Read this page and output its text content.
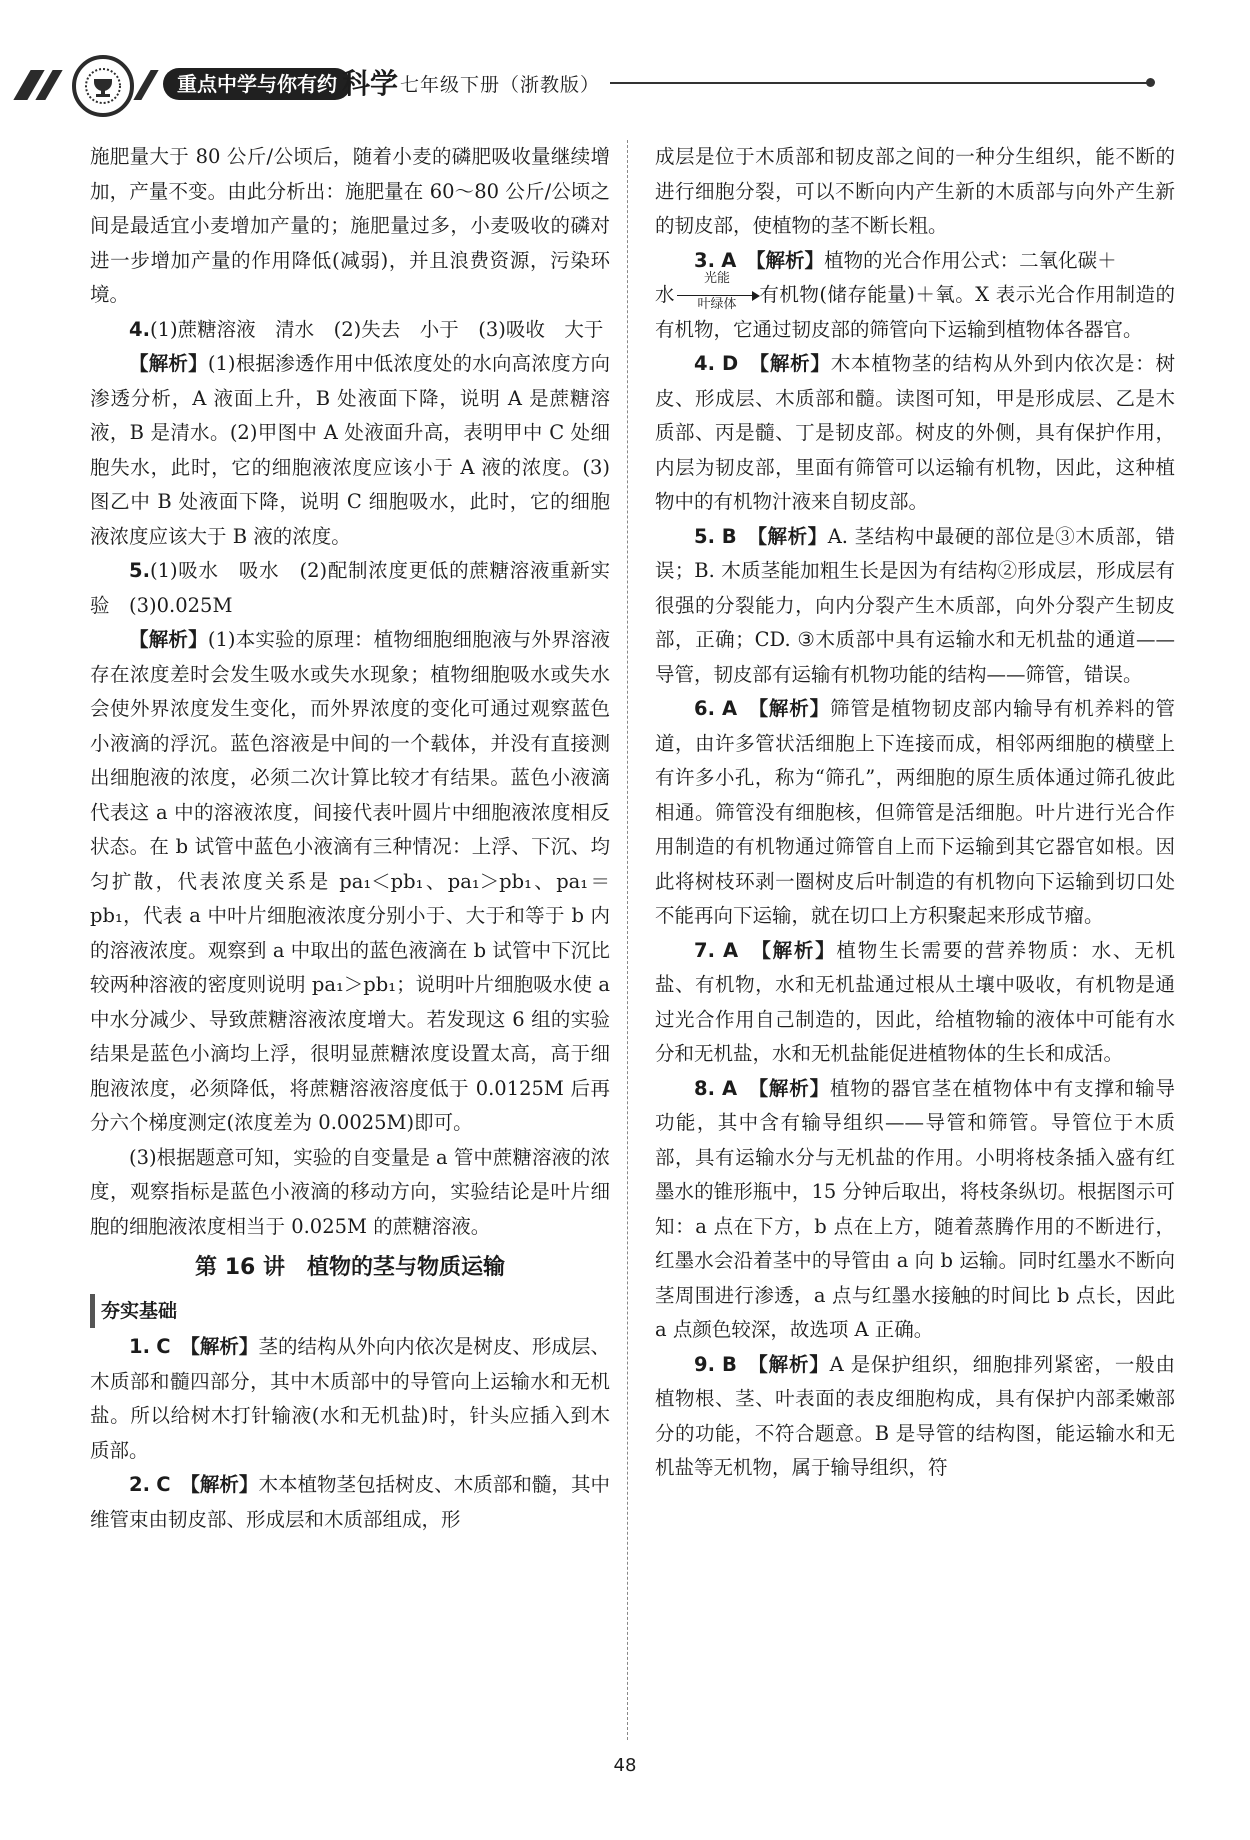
重点中学与你有约 科学 七年级下册（浙教版）

施肥量大于 80 公斤/公顷后，随着小麦的磷肥吸收量继续增加，产量不变。由此分析出：施肥量在 60～80 公斤/公顷之间是最适宜小麦增加产量的；施肥量过多，小麦吸收的磷对进一步增加产量的作用降低(减弱)，并且浪费资源，污染环境。

4.(1)蔗糖溶液　清水　(2)失去　小于　(3)吸收　大于

【解析】(1)根据渗透作用中低浓度处的水向高浓度方向渗透分析，A 液面上升，B 处液面下降，说明 A 是蔗糖溶液，B 是清水。(2)甲图中 A 处液面升高，表明甲中 C 处细胞失水，此时，它的细胞液浓度应该小于 A 液的浓度。(3)图乙中 B 处液面下降，说明 C 细胞吸水，此时，它的细胞液浓度应该大于 B 液的浓度。

5.(1)吸水　吸水　(2)配制浓度更低的蔗糖溶液重新实验　(3)0.025M

【解析】(1)本实验的原理：植物细胞细胞液与外界溶液存在浓度差时会发生吸水或失水现象；植物细胞吸水或失水会使外界浓度发生变化，而外界浓度的变化可通过观察蓝色小液滴的浮沉。蓝色溶液是中间的一个载体，并没有直接测出细胞液的浓度，必须二次计算比较才有结果。蓝色小液滴代表这 a 中的溶液浓度，间接代表叶圆片中细胞液浓度相反状态。在 b 试管中蓝色小液滴有三种情况：上浮、下沉、均匀扩散，代表浓度关系是 pa₁＜pb₁、pa₁＞pb₁、pa₁＝pb₁，代表 a 中叶片细胞液浓度分别小于、大于和等于 b 内的溶液浓度。观察到 a 中取出的蓝色液滴在 b 试管中下沉比较两种溶液的密度则说明 pa₁＞pb₁；说明叶片细胞吸水使 a 中水分减少、导致蔗糖溶液浓度增大。若发现这 6 组的实验结果是蓝色小滴均上浮，很明显蔗糖浓度设置太高，高于细胞液浓度，必须降低，将蔗糖溶液溶度低于 0.0125M 后再分六个梯度测定(浓度差为 0.0025M)即可。

(3)根据题意可知，实验的自变量是 a 管中蔗糖溶液的浓度，观察指标是蓝色小液滴的移动方向，实验结论是叶片细胞的细胞液浓度相当于 0.025M 的蔗糖溶液。

第 16 讲　植物的茎与物质运输
夯实基础

1. C　 【解析】茎的结构从外向内依次是树皮、形成层、木质部和髓四部分，其中木质部中的导管向上运输水和无机盐。所以给树木打针输液(水和无机盐)时，针头应插入到木质部。

2. C　 【解析】木本植物茎包括树皮、木质部和髓，其中维管束由韧皮部、形成层和木质部组成，形

成层是位于木质部和韧皮部之间的一种分生组织，能不断的进行细胞分裂，可以不断向内产生新的木质部与向外产生新的韧皮部，使植物的茎不断长粗。

3. A　 【解析】植物的光合作用公式：二氧化碳＋

水
光能
叶绿体	有机物(储存能量)＋氧。X 表示光合作用制造的有机物，它通过韧皮部的筛管向下运输到植物体各器官。

4. D　 【解析】木本植物茎的结构从外到内依次是：树皮、形成层、木质部和髓。读图可知，甲是形成层、乙是木质部、丙是髓、丁是韧皮部。树皮的外侧，具有保护作用，内层为韧皮部，里面有筛管可以运输有机物，因此，这种植物中的有机物汁液来自韧皮部。

5. B　 【解析】A. 茎结构中最硬的部位是③木质部，错误；B. 木质茎能加粗生长是因为有结构②形成层，形成层有很强的分裂能力，向内分裂产生木质部，向外分裂产生韧皮部，正确；CD. ③木质部中具有运输水和无机盐的通道——导管，韧皮部有运输有机物功能的结构——筛管，错误。

6. A　 【解析】筛管是植物韧皮部内输导有机养料的管道，由许多管状活细胞上下连接而成，相邻两细胞的横壁上有许多小孔，称为“筛孔”，两细胞的原生质体通过筛孔彼此相通。筛管没有细胞核，但筛管是活细胞。叶片进行光合作用制造的有机物通过筛管自上而下运输到其它器官如根。因此将树枝环剥一圈树皮后叶制造的有机物向下运输到切口处不能再向下运输，就在切口上方积聚起来形成节瘤。

7. A　 【解析】植物生长需要的营养物质：水、无机盐、有机物，水和无机盐通过根从土壤中吸收，有机物是通过光合作用自己制造的，因此，给植物输的液体中可能有水分和无机盐，水和无机盐能促进植物体的生长和成活。

8. A　 【解析】植物的器官茎在植物体中有支撑和输导功能，其中含有输导组织——导管和筛管。导管位于木质部，具有运输水分与无机盐的作用。小明将枝条插入盛有红墨水的锥形瓶中，15 分钟后取出，将枝条纵切。根据图示可知：a 点在下方，b 点在上方，随着蒸腾作用的不断进行，红墨水会沿着茎中的导管由 a 向 b 运输。同时红墨水不断向茎周围进行渗透，a 点与红墨水接触的时间比 b 点长，因此 a 点颜色较深，故选项 A 正确。

9. B　 【解析】A 是保护组织，细胞排列紧密，一般由植物根、茎、叶表面的表皮细胞构成，具有保护内部柔嫩部分的功能，不符合题意。B 是导管的结构图，能运输水和无机盐等无机物，属于输导组织，符

48
